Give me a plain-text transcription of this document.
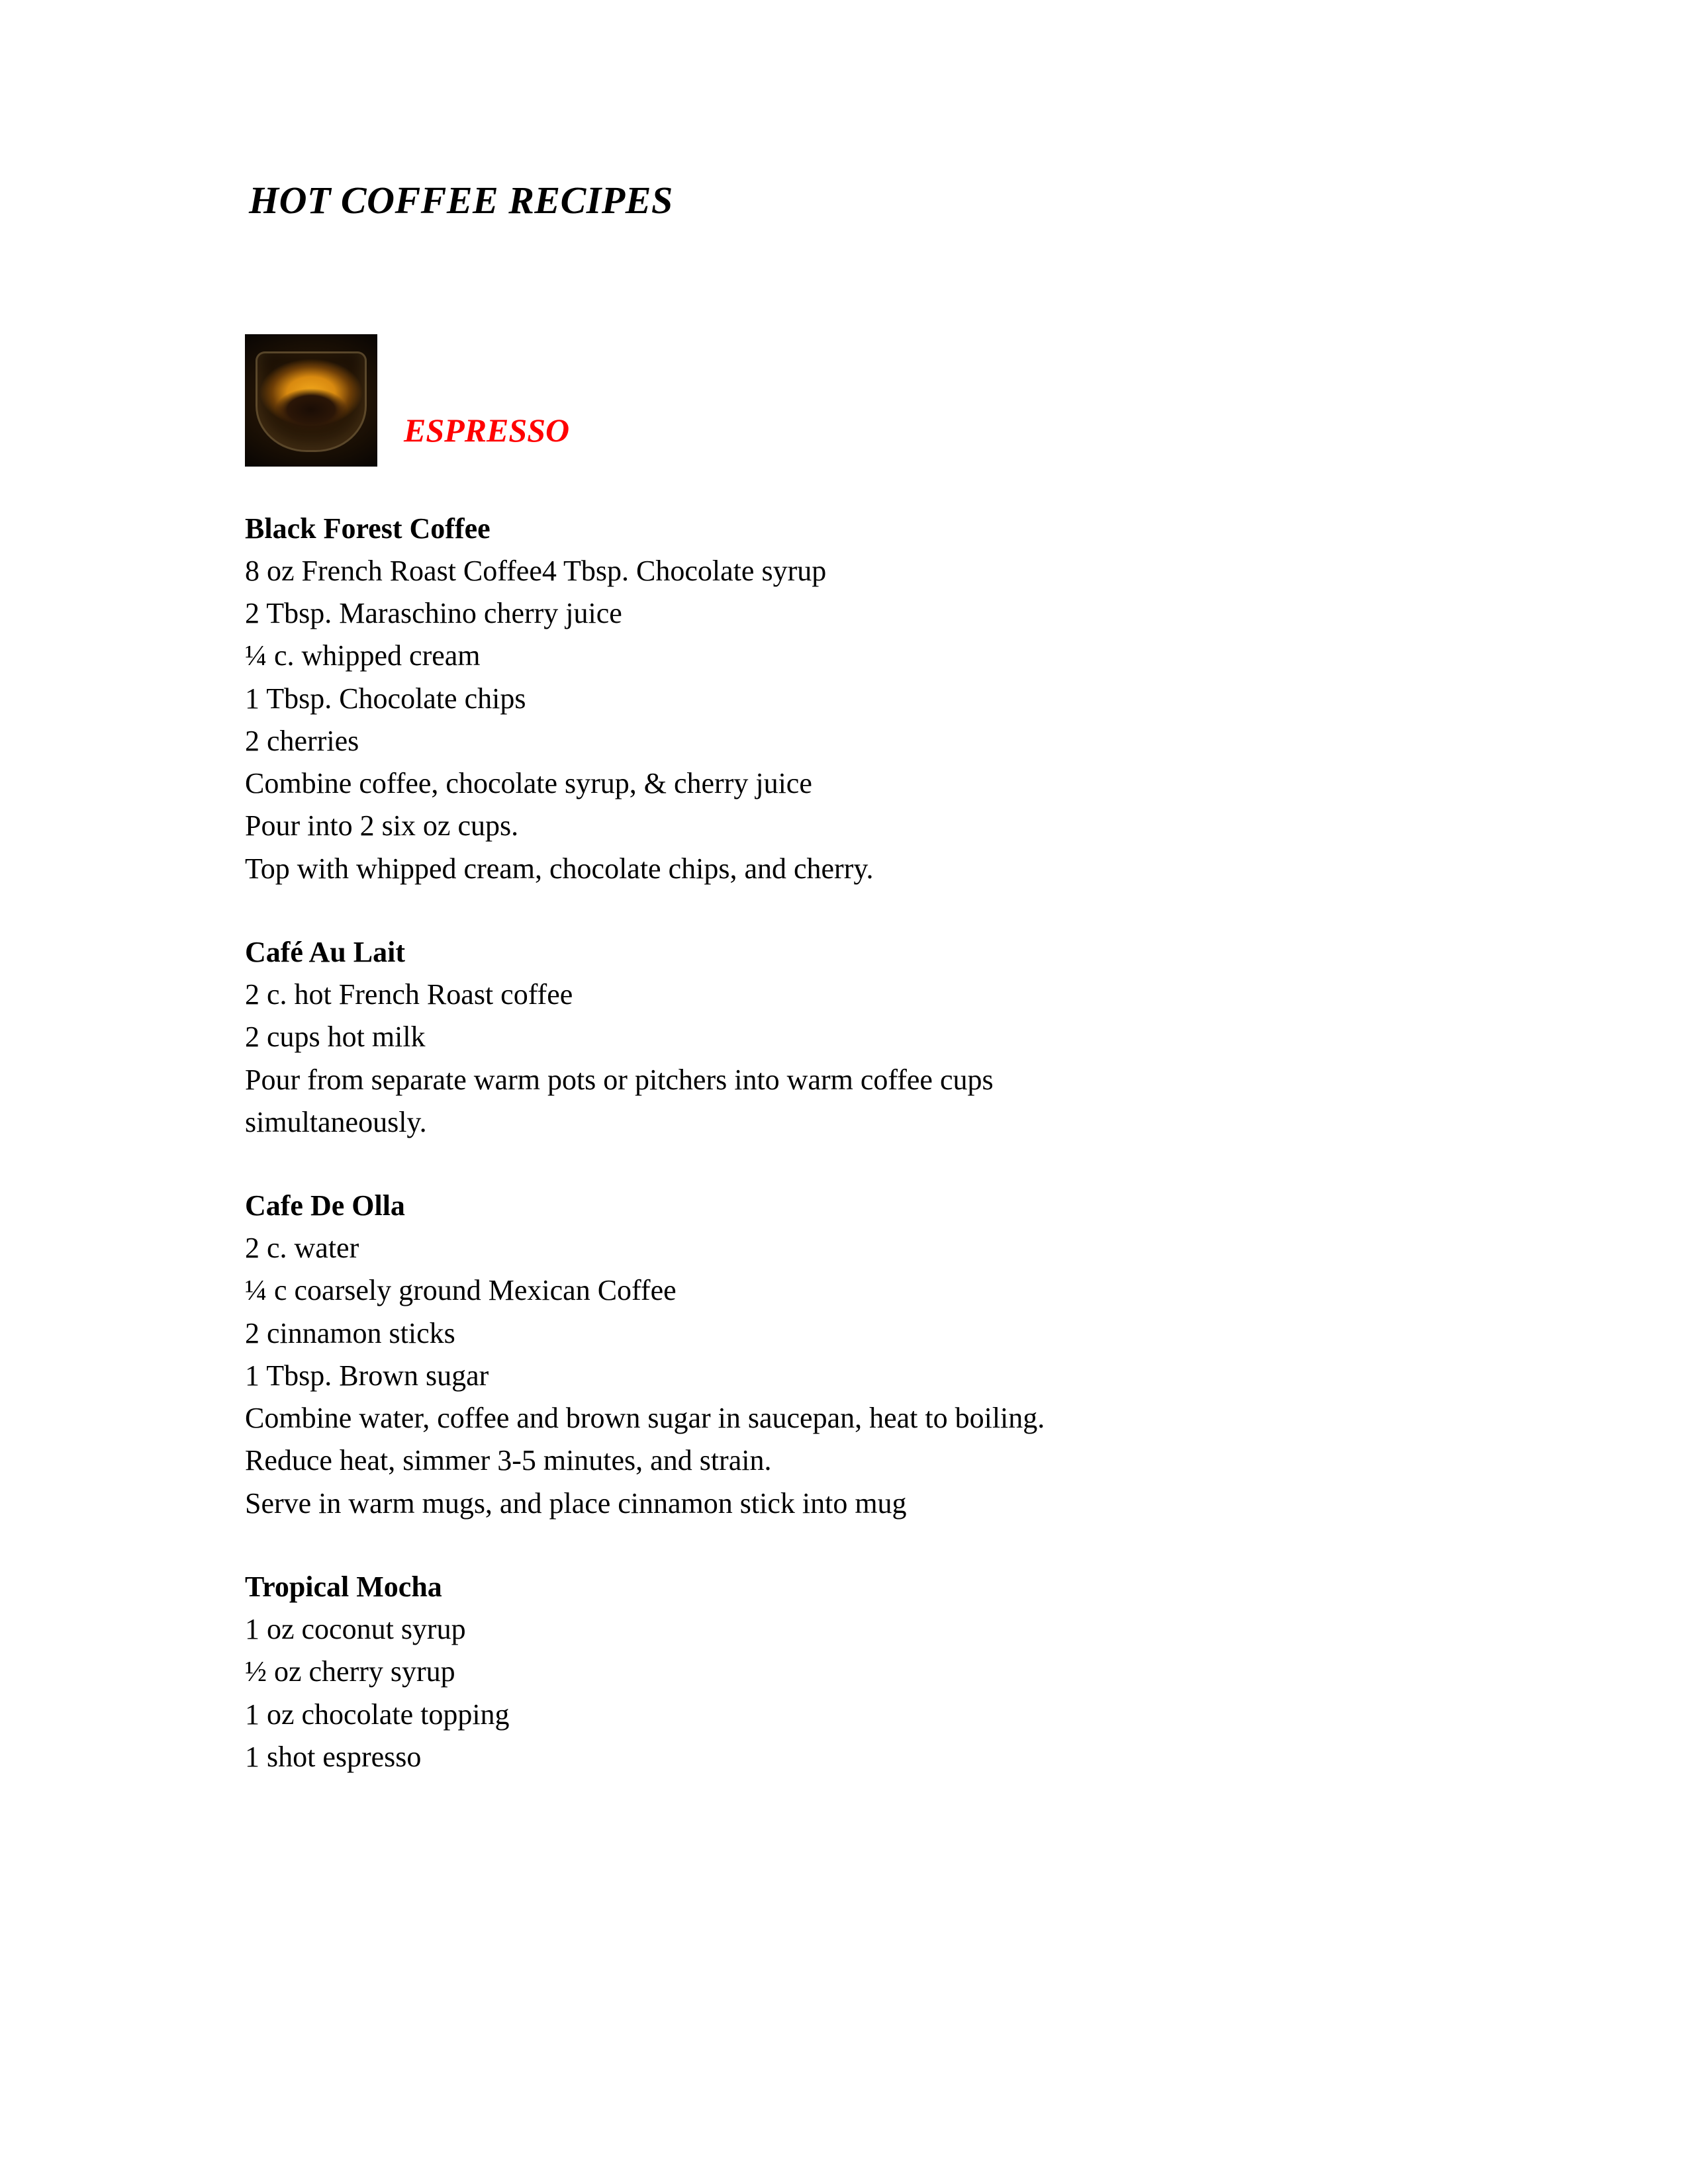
HOT COFFEE RECIPES
ESPRESSO

Black Forest Coffee

8 oz French Roast Coffee4 Tbsp. Chocolate syrup

2 Tbsp. Maraschino cherry juice

¼ c. whipped cream

1 Tbsp. Chocolate chips

2 cherries

Combine coffee, chocolate syrup, & cherry juice

Pour into 2 six oz cups.

Top with whipped cream, chocolate chips, and cherry.

Café Au Lait

2 c. hot French Roast coffee

2 cups hot milk

Pour from separate warm pots or pitchers into warm coffee cups

simultaneously.

Cafe De Olla

2 c. water

¼ c coarsely ground Mexican Coffee

2 cinnamon sticks

1 Tbsp. Brown sugar

Combine water, coffee and brown sugar in saucepan, heat to boiling.

Reduce heat, simmer 3-5 minutes, and strain.

Serve in warm mugs, and place cinnamon stick into mug

Tropical Mocha

1 oz coconut syrup

½ oz cherry syrup

1 oz chocolate topping

1 shot espresso
